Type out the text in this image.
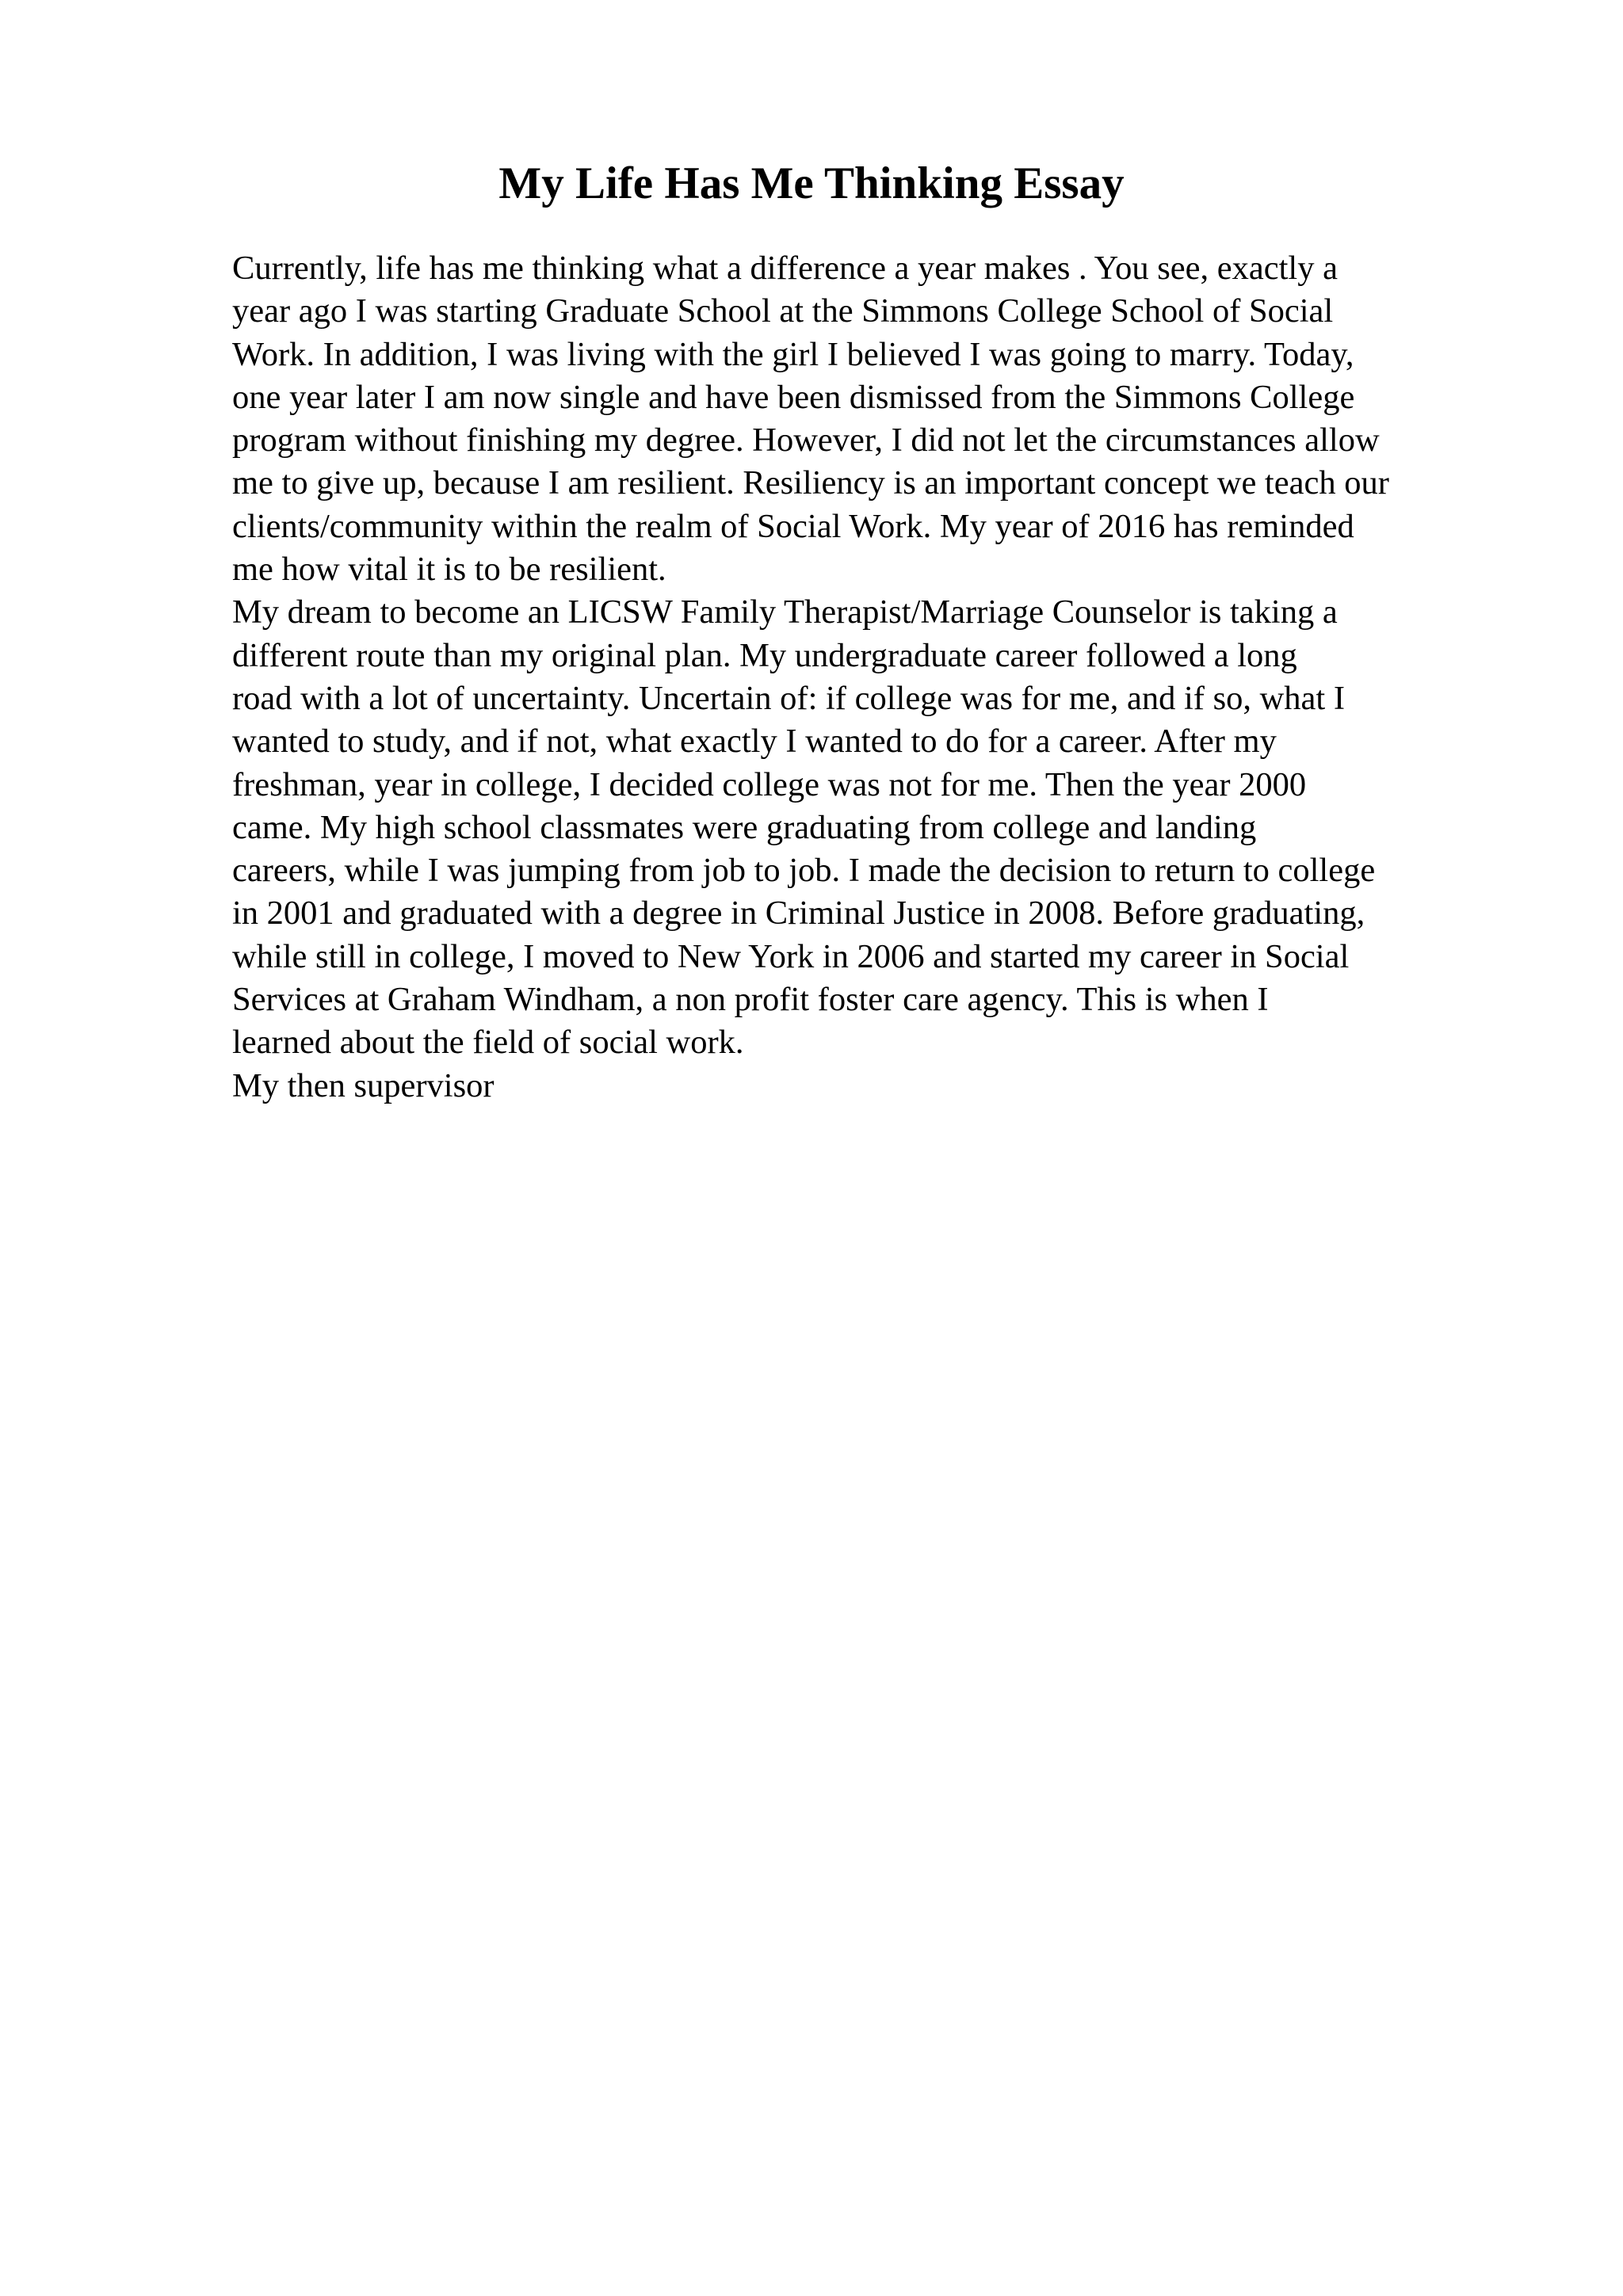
My Life Has Me Thinking Essay
Currently, life has me thinking what a difference a year makes . You see, exactly a
year ago I was starting Graduate School at the Simmons College School of Social
Work. In addition, I was living with the girl I believed I was going to marry. Today,
one year later I am now single and have been dismissed from the Simmons College
program without finishing my degree. However, I did not let the circumstances allow
me to give up, because I am resilient. Resiliency is an important concept we teach our
clients/community within the realm of Social Work. My year of 2016 has reminded
me how vital it is to be resilient.
My dream to become an LICSW Family Therapist/Marriage Counselor is taking a
different route than my original plan. My undergraduate career followed a long
road with a lot of uncertainty. Uncertain of: if college was for me, and if so, what I
wanted to study, and if not, what exactly I wanted to do for a career. After my
freshman, year in college, I decided college was not for me. Then the year 2000
came. My high school classmates were graduating from college and landing
careers, while I was jumping from job to job. I made the decision to return to college
in 2001 and graduated with a degree in Criminal Justice in 2008. Before graduating,
while still in college, I moved to New York in 2006 and started my career in Social
Services at Graham Windham, a non profit foster care agency. This is when I
learned about the field of social work.
My then supervisor
